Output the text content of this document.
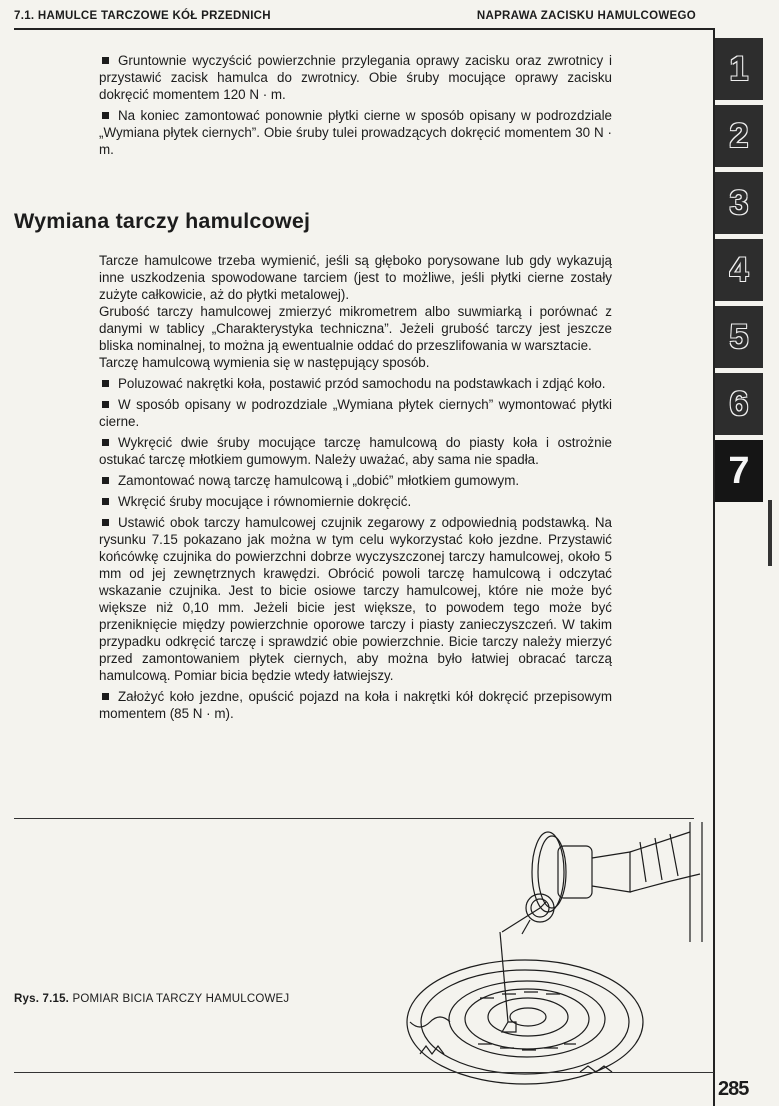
7.1. HAMULCE TARCZOWE KÓŁ PRZEDNICH	NAPRAWA ZACISKU HAMULCOWEGO

Gruntownie wyczyścić powierzchnie przylegania oprawy zacisku oraz zwrotnicy i przystawić zacisk hamulca do zwrotnicy. Obie śruby mocujące oprawy zacisku dokręcić momentem 120 N · m.

Na koniec zamontować ponownie płytki cierne w sposób opisany w podrozdziale „Wymiana płytek ciernych”. Obie śruby tulei prowadzących dokręcić momentem 30 N · m.

Wymiana tarczy hamulcowej

Tarcze hamulcowe trzeba wymienić, jeśli są głęboko porysowane lub gdy wykazują inne uszkodzenia spowodowane tarciem (jest to możliwe, jeśli płytki cierne zostały zużyte całkowicie, aż do płytki metalowej).

Grubość tarczy hamulcowej zmierzyć mikrometrem albo suwmiarką i porównać z danymi w tablicy „Charakterystyka techniczna”. Jeżeli grubość tarczy jest jeszcze bliska nominalnej, to można ją ewentualnie oddać do przeszlifowania w warsztacie.

Tarczę hamulcową wymienia się w następujący sposób.

Poluzować nakrętki koła, postawić przód samochodu na podstawkach i zdjąć koło.

W sposób opisany w podrozdziale „Wymiana płytek ciernych” wymontować płytki cierne.

Wykręcić dwie śruby mocujące tarczę hamulcową do piasty koła i ostrożnie ostukać tarczę młotkiem gumowym. Należy uważać, aby sama nie spadła.

Zamontować nową tarczę hamulcową i „dobić” młotkiem gumowym.

Wkręcić śruby mocujące i równomiernie dokręcić.

Ustawić obok tarczy hamulcowej czujnik zegarowy z odpowiednią podstawką. Na rysunku 7.15 pokazano jak można w tym celu wykorzystać koło jezdne. Przystawić końcówkę czujnika do powierzchni dobrze wyczyszczonej tarczy hamulcowej, około 5 mm od jej zewnętrznych krawędzi. Obrócić powoli tarczę hamulcową i odczytać wskazanie czujnika. Jest to bicie osiowe tarczy hamulcowej, które nie może być większe niż 0,10 mm. Jeżeli bicie jest większe, to powodem tego może być przeniknięcie między powierzchnie oporowe tarczy i piasty zanieczyszczeń. W takim przypadku odkręcić tarczę i sprawdzić obie powierzchnie. Bicie tarczy należy mierzyć przed zamontowaniem płytek ciernych, aby można było łatwiej obracać tarczą hamulcową. Pomiar bicia będzie wtedy łatwiejszy.

Założyć koło jezdne, opuścić pojazd na koła i nakrętki kół dokręcić przepisowym momentem (85 N · m).

1
2
3
4
5
6
7
Rys. 7.15. POMIAR BICIA TARCZY HAMULCOWEJ
285
